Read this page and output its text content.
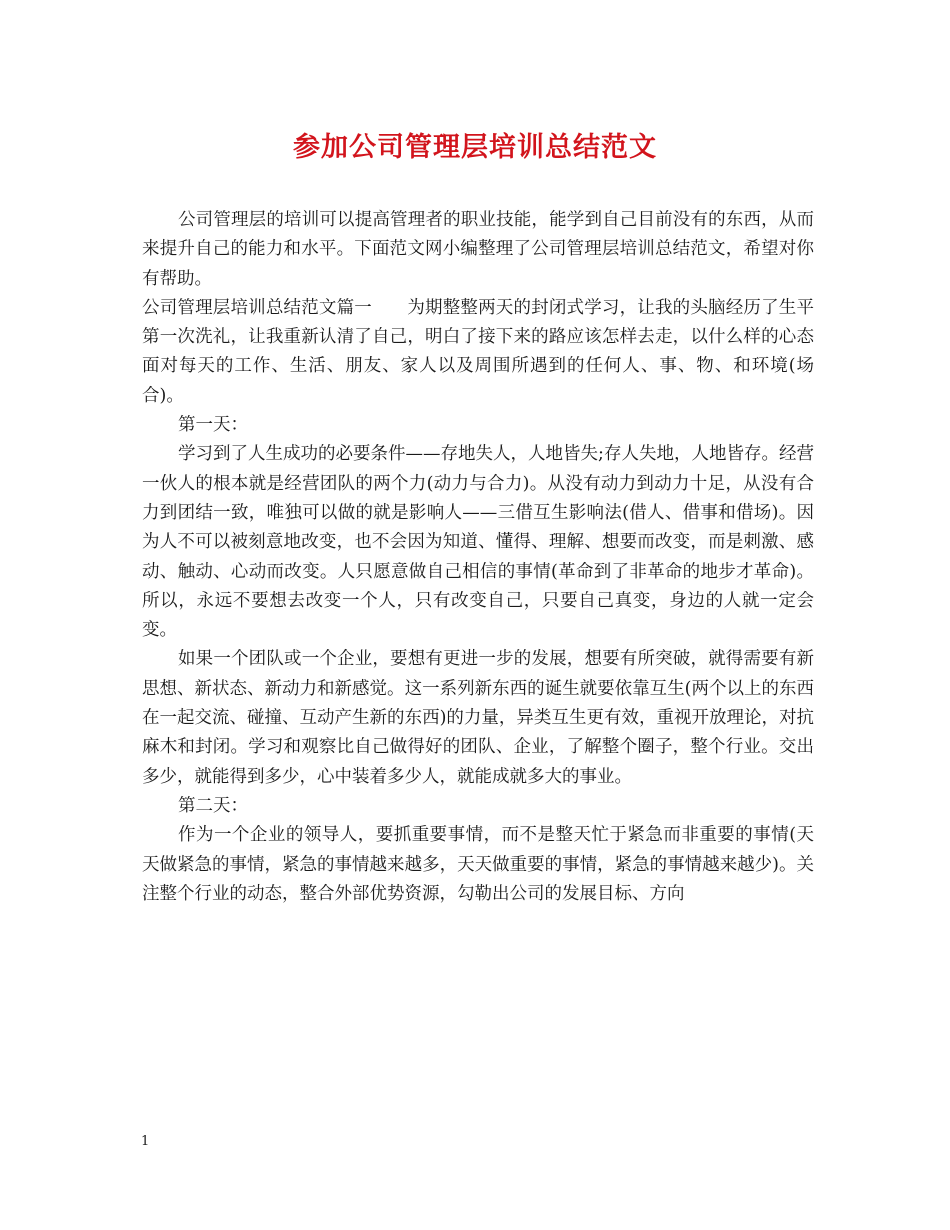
参加公司管理层培训总结范文

公司管理层的培训可以提高管理者的职业技能，能学到自己目前没有的东西，从而来提升自己的能力和水平。下面范文网小编整理了公司管理层培训总结范文，希望对你有帮助。

公司管理层培训总结范文篇一　　为期整整两天的封闭式学习，让我的头脑经历了生平第一次洗礼，让我重新认清了自己，明白了接下来的路应该怎样去走，以什么样的心态面对每天的工作、生活、朋友、家人以及周围所遇到的任何人、事、物、和环境(场合)。

第一天：

学习到了人生成功的必要条件——存地失人，人地皆失;存人失地，人地皆存。经营一伙人的根本就是经营团队的两个力(动力与合力)。从没有动力到动力十足，从没有合力到团结一致，唯独可以做的就是影响人——三借互生影响法(借人、借事和借场)。因为人不可以被刻意地改变，也不会因为知道、懂得、理解、想要而改变，而是刺激、感动、触动、心动而改变。人只愿意做自己相信的事情(革命到了非革命的地步才革命)。所以，永远不要想去改变一个人，只有改变自己，只要自己真变，身边的人就一定会变。

如果一个团队或一个企业，要想有更进一步的发展，想要有所突破，就得需要有新思想、新状态、新动力和新感觉。这一系列新东西的诞生就要依靠互生(两个以上的东西在一起交流、碰撞、互动产生新的东西)的力量，异类互生更有效，重视开放理论，对抗麻木和封闭。学习和观察比自己做得好的团队、企业，了解整个圈子，整个行业。交出多少，就能得到多少，心中装着多少人，就能成就多大的事业。

第二天：

作为一个企业的领导人，要抓重要事情，而不是整天忙于紧急而非重要的事情(天天做紧急的事情，紧急的事情越来越多，天天做重要的事情，紧急的事情越来越少)。关注整个行业的动态，整合外部优势资源，勾勒出公司的发展目标、方向

1
